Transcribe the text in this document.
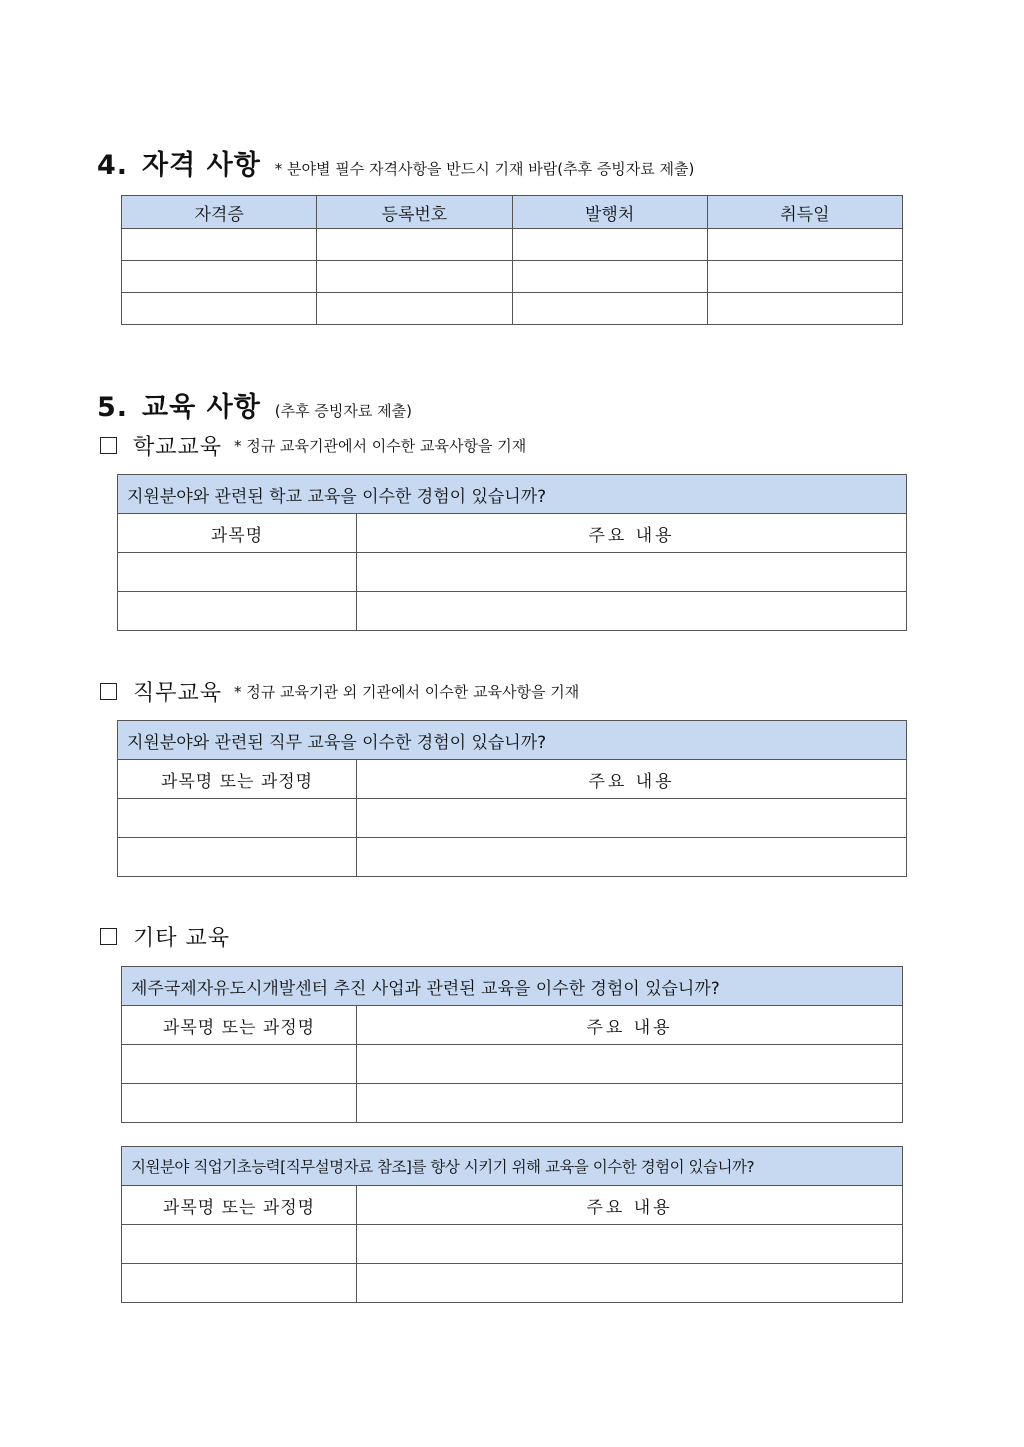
4. 자격 사항 * 분야별 필수 자격사항을 반드시 기재 바람(추후 증빙자료 제출)
자격증	등록번호	발행처	취득일

5. 교육 사항 (추후 증빙자료 제출)
학교교육 * 정규 교육기관에서 이수한 교육사항을 기재
지원분야와 관련된 학교 교육을 이수한 경험이 있습니까?	
과목명	주요 내용

직무교육 * 정규 교육기관 외 기관에서 이수한 교육사항을 기재
지원분야와 관련된 직무 교육을 이수한 경험이 있습니까?	
과목명 또는 과정명	주요 내용

기타 교육
제주국제자유도시개발센터 추진 사업과 관련된 교육을 이수한 경험이 있습니까?	
과목명 또는 과정명	주요 내용

지원분야 직업기초능력[직무설명자료 참조]를 향상 시키기 위해 교육을 이수한 경험이 있습니까?	
과목명 또는 과정명	주요 내용
